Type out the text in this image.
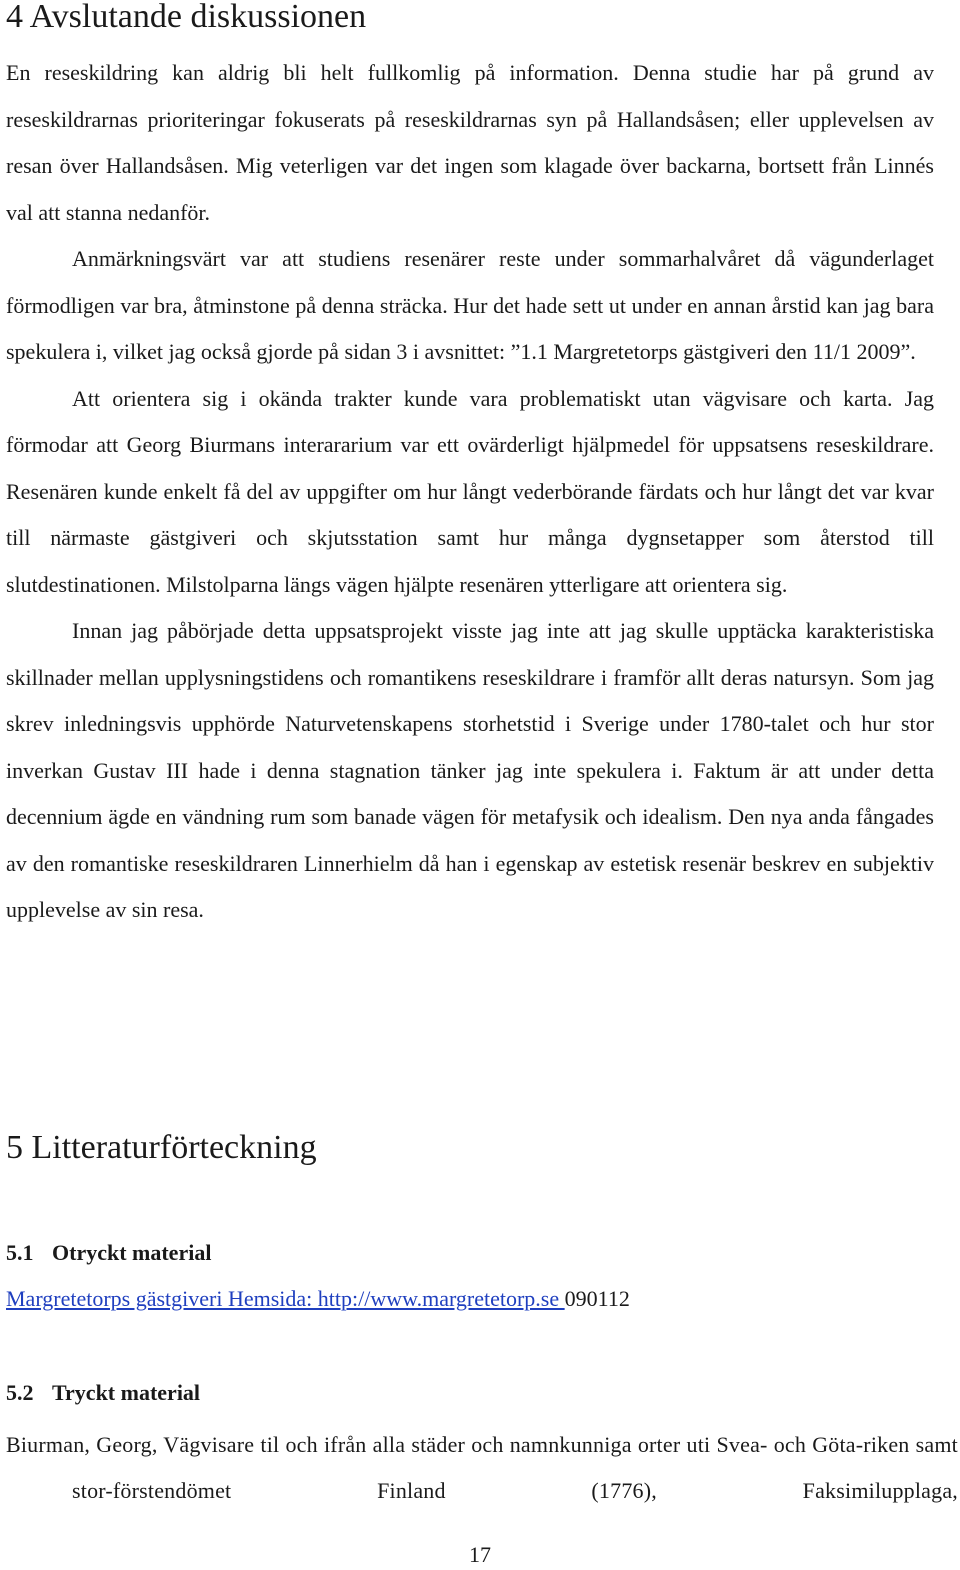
4 Avslutande diskussionen

En reseskildring kan aldrig bli helt fullkomlig på information. Denna studie har på grund av reseskildrarnas prioriteringar fokuserats på reseskildrarnas syn på Hallandsåsen; eller upplevelsen av resan över Hallandsåsen. Mig veterligen var det ingen som klagade över backarna, bortsett från Linnés val att stanna nedanför.

Anmärkningsvärt var att studiens resenärer reste under sommarhalvåret då vägunderlaget förmodligen var bra, åtminstone på denna sträcka. Hur det hade sett ut under en annan årstid kan jag bara spekulera i, vilket jag också gjorde på sidan 3 i avsnittet: ”1.1 Margretetorps gästgiveri den 11/1 2009”.

Att orientera sig i okända trakter kunde vara problematiskt utan vägvisare och karta. Jag förmodar att Georg Biurmans interararium var ett ovärderligt hjälpmedel för uppsatsens reseskildrare. Resenären kunde enkelt få del av uppgifter om hur långt vederbörande färdats och hur långt det var kvar till närmaste gästgiveri och skjutsstation samt hur många dygnsetapper som återstod till slutdestinationen. Milstolparna längs vägen hjälpte resenären ytterligare att orientera sig.

Innan jag påbörjade detta uppsatsprojekt visste jag inte att jag skulle upptäcka karakteristiska skillnader mellan upplysningstidens och romantikens reseskildrare i framför allt deras natursyn. Som jag skrev inledningsvis upphörde Naturvetenskapens storhetstid i Sverige under 1780-talet och hur stor inverkan Gustav III hade i denna stagnation tänker jag inte spekulera i. Faktum är att under detta decennium ägde en vändning rum som banade vägen för metafysik och idealism. Den nya anda fångades av den romantiske reseskildraren Linnerhielm då han i egenskap av estetisk resenär beskrev en subjektiv upplevelse av sin resa.

5 Litteraturförteckning
5.1 Otryckt material
Margretetorps gästgiveri Hemsida: http://www.margretetorp.se 090112
5.2 Tryckt material

Biurman, Georg, Vägvisare til och ifrån alla städer och namnkunniga orter uti Svea- och Göta-riken samt stor-förstendömet Finland (1776), Faksimilupplaga,

17
